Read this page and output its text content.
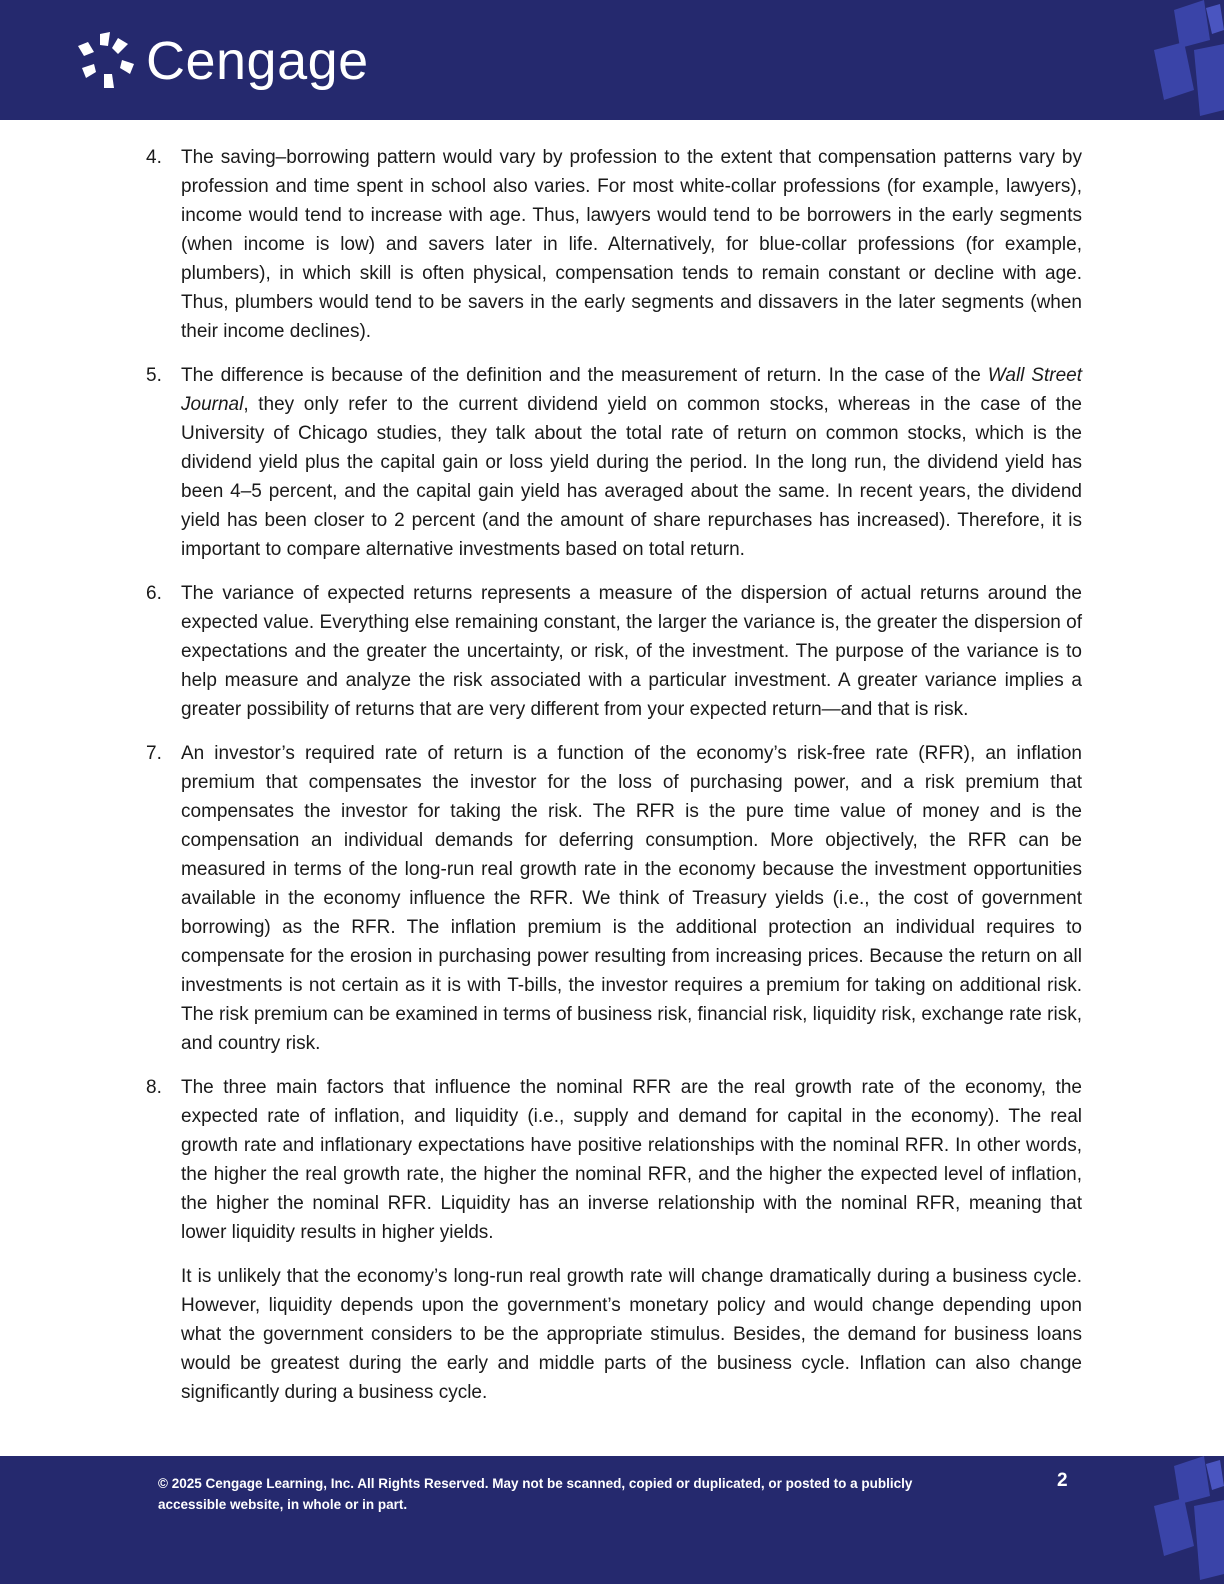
Cengage
4. The saving–borrowing pattern would vary by profession to the extent that compensation patterns vary by profession and time spent in school also varies. For most white-collar professions (for example, lawyers), income would tend to increase with age. Thus, lawyers would tend to be borrowers in the early segments (when income is low) and savers later in life. Alternatively, for blue-collar professions (for example, plumbers), in which skill is often physical, compensation tends to remain constant or decline with age. Thus, plumbers would tend to be savers in the early segments and dissavers in the later segments (when their income declines).

5. The difference is because of the definition and the measurement of return. In the case of the Wall Street Journal, they only refer to the current dividend yield on common stocks, whereas in the case of the University of Chicago studies, they talk about the total rate of return on common stocks, which is the dividend yield plus the capital gain or loss yield during the period. In the long run, the dividend yield has been 4–5 percent, and the capital gain yield has averaged about the same. In recent years, the dividend yield has been closer to 2 percent (and the amount of share repurchases has increased). Therefore, it is important to compare alternative investments based on total return.

6. The variance of expected returns represents a measure of the dispersion of actual returns around the expected value. Everything else remaining constant, the larger the variance is, the greater the dispersion of expectations and the greater the uncertainty, or risk, of the investment. The purpose of the variance is to help measure and analyze the risk associated with a particular investment. A greater variance implies a greater possibility of returns that are very different from your expected return—and that is risk.

7. An investor’s required rate of return is a function of the economy’s risk-free rate (RFR), an inflation premium that compensates the investor for the loss of purchasing power, and a risk premium that compensates the investor for taking the risk. The RFR is the pure time value of money and is the compensation an individual demands for deferring consumption. More objectively, the RFR can be measured in terms of the long-run real growth rate in the economy because the investment opportunities available in the economy influence the RFR. We think of Treasury yields (i.e., the cost of government borrowing) as the RFR. The inflation premium is the additional protection an individual requires to compensate for the erosion in purchasing power resulting from increasing prices. Because the return on all investments is not certain as it is with T-bills, the investor requires a premium for taking on additional risk. The risk premium can be examined in terms of business risk, financial risk, liquidity risk, exchange rate risk, and country risk.

8. The three main factors that influence the nominal RFR are the real growth rate of the economy, the expected rate of inflation, and liquidity (i.e., supply and demand for capital in the economy). The real growth rate and inflationary expectations have positive relationships with the nominal RFR. In other words, the higher the real growth rate, the higher the nominal RFR, and the higher the expected level of inflation, the higher the nominal RFR. Liquidity has an inverse relationship with the nominal RFR, meaning that lower liquidity results in higher yields.

It is unlikely that the economy’s long-run real growth rate will change dramatically during a business cycle. However, liquidity depends upon the government’s monetary policy and would change depending upon what the government considers to be the appropriate stimulus. Besides, the demand for business loans would be greatest during the early and middle parts of the business cycle. Inflation can also change significantly during a business cycle.

© 2025 Cengage Learning, Inc. All Rights Reserved. May not be scanned, copied or duplicated, or posted to a publicly accessible website, in whole or in part.
2
